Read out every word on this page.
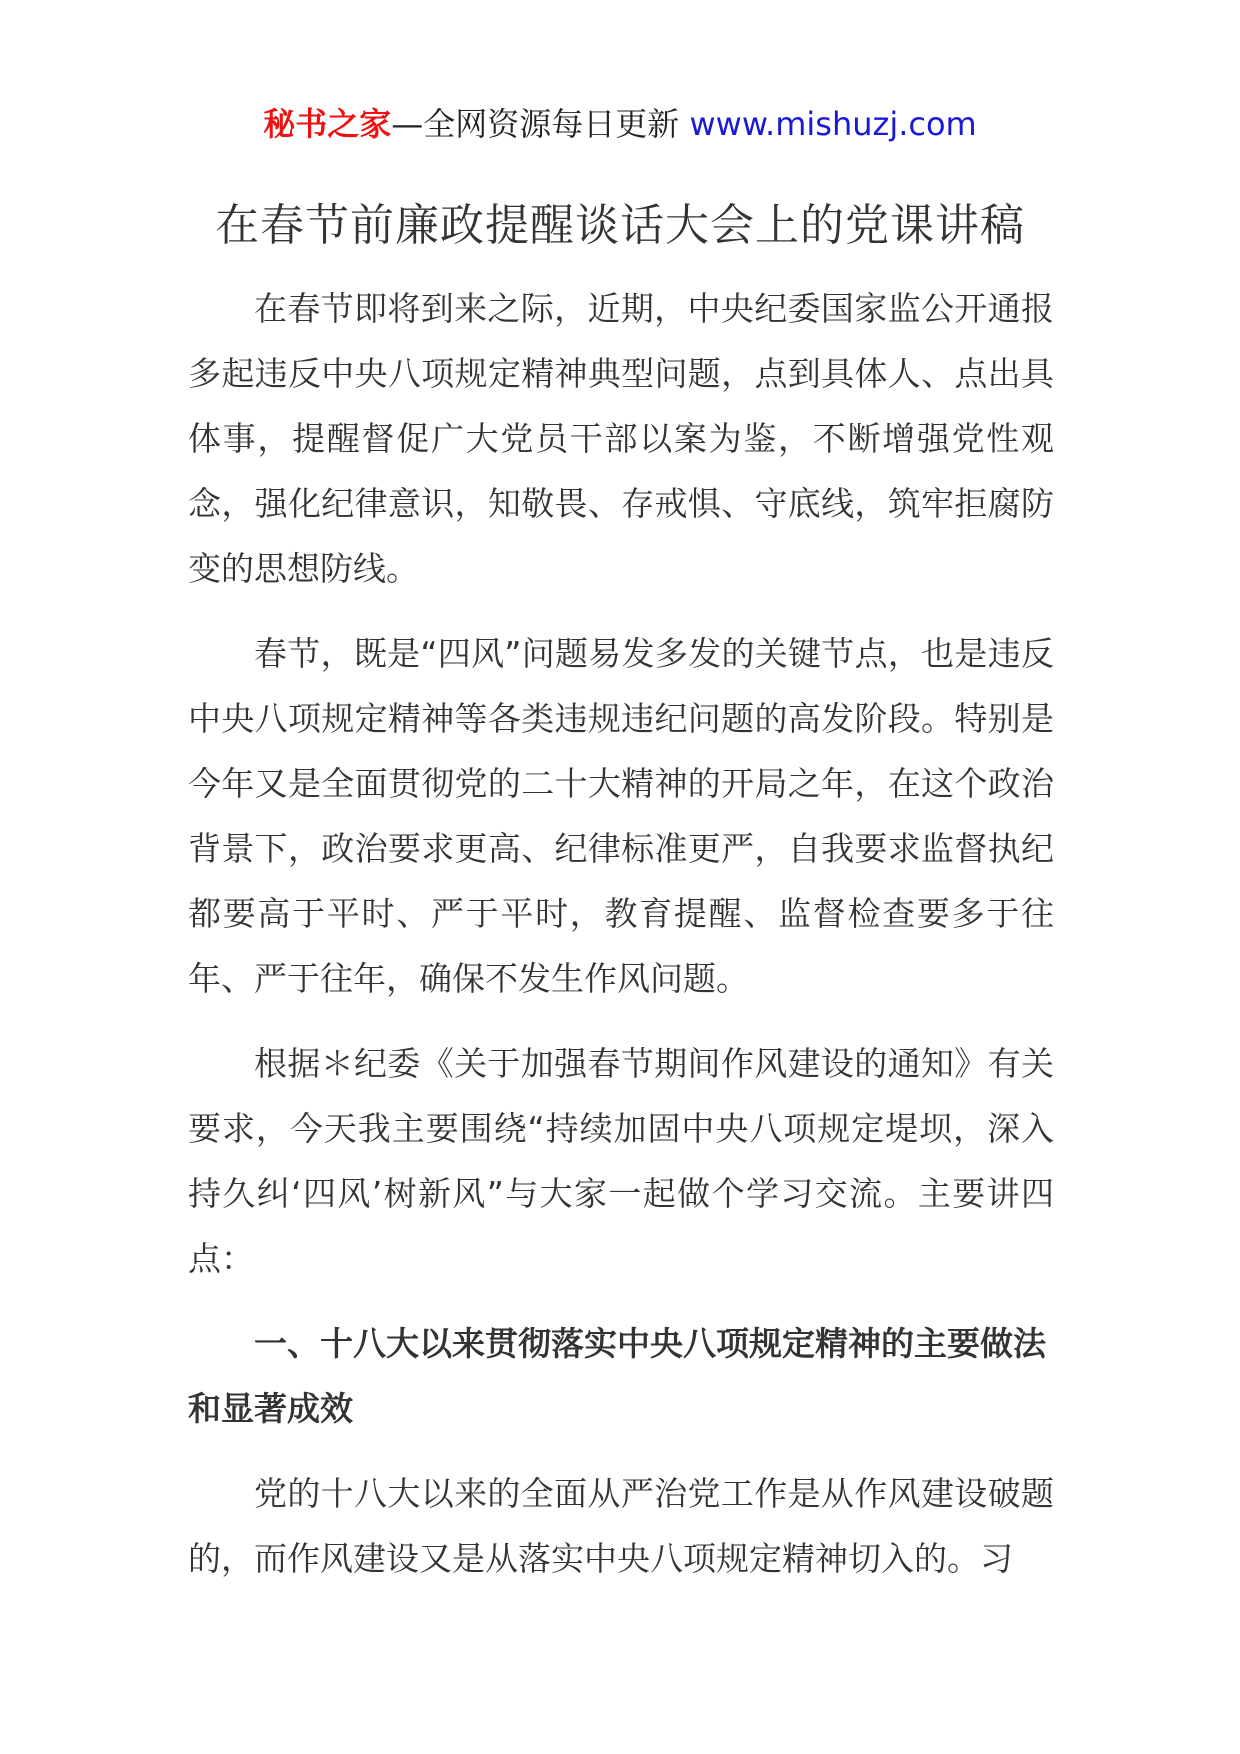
秘书之家—全网资源每日更新 www.mishuzj.com
在春节前廉政提醒谈话大会上的党课讲稿

在春节即将到来之际，近期，中央纪委国家监公开通报多起违反中央八项规定精神典型问题，点到具体人、点出具体事，提醒督促广大党员干部以案为鉴，不断增强党性观念，强化纪律意识，知敬畏、存戒惧、守底线，筑牢拒腐防变的思想防线。

春节，既是“四风”问题易发多发的关键节点，也是违反中央八项规定精神等各类违规违纪问题的高发阶段。特别是今年又是全面贯彻党的二十大精神的开局之年，在这个政治背景下，政治要求更高、纪律标准更严，自我要求监督执纪都要高于平时、严于平时，教育提醒、监督检查要多于往年、严于往年，确保不发生作风问题。

根据＊纪委《关于加强春节期间作风建设的通知》有关要求，今天我主要围绕“持续加固中央八项规定堤坝，深入持久纠‘四风’树新风”与大家一起做个学习交流。主要讲四点：

一、十八大以来贯彻落实中央八项规定精神的主要做法和显著成效

党的十八大以来的全面从严治党工作是从作风建设破题的，而作风建设又是从落实中央八项规定精神切入的。习
